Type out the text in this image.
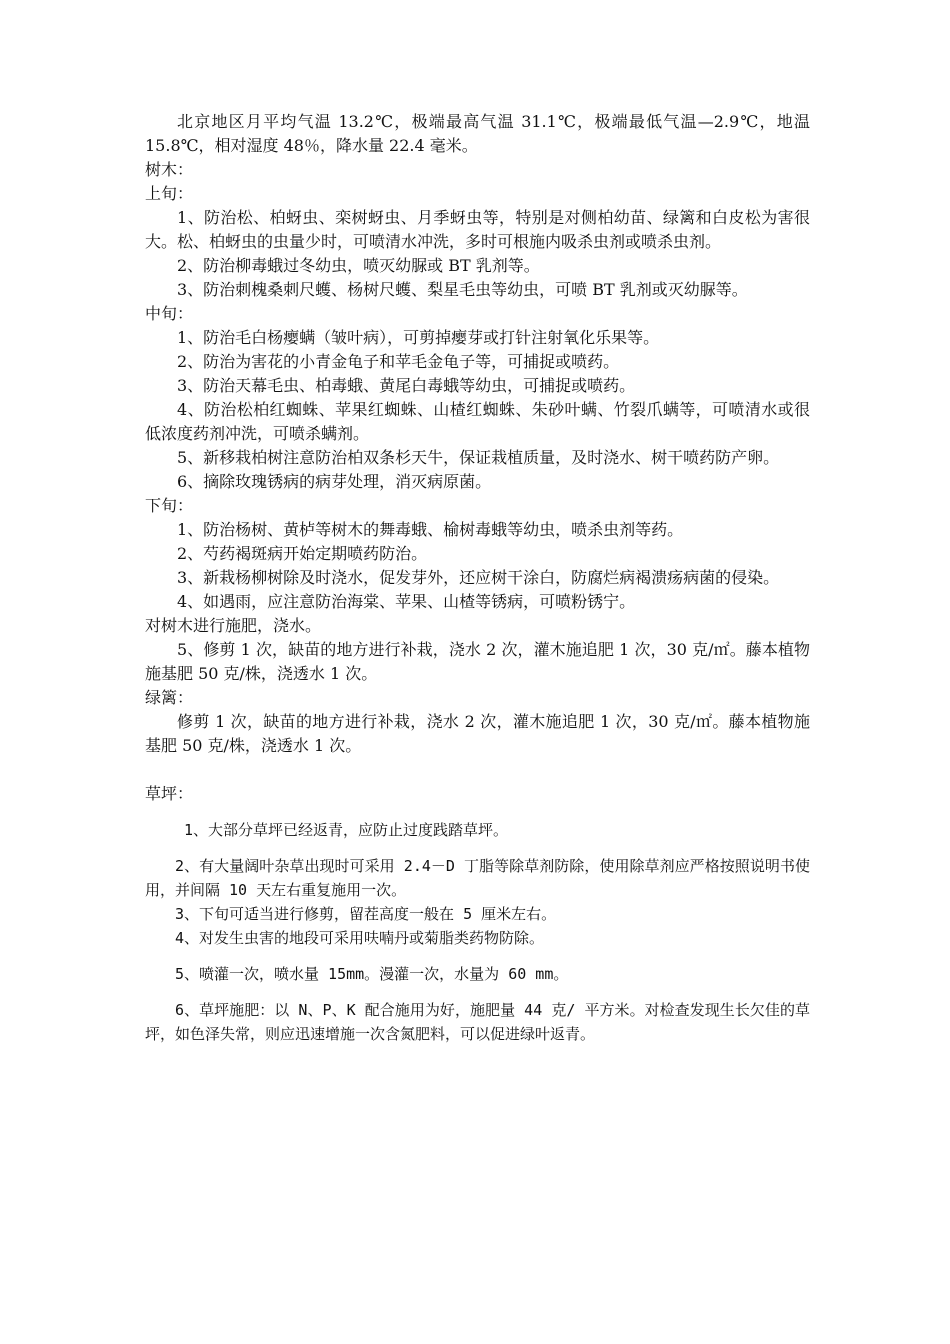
北京地区月平均气温 13.2℃，极端最高气温 31.1℃，极端最低气温—2.9℃，地温 15.8℃，相对湿度 48％，降水量 22.4 毫米。

树木：

上旬：

1、防治松、柏蚜虫、栾树蚜虫、月季蚜虫等，特别是对侧柏幼苗、绿篱和白皮松为害很大。松、柏蚜虫的虫量少时，可喷清水冲洗，多时可根施内吸杀虫剂或喷杀虫剂。

2、防治柳毒蛾过冬幼虫，喷灭幼脲或 BT 乳剂等。

3、防治刺槐桑刺尺蠖、杨树尺蠖、梨星毛虫等幼虫，可喷 BT 乳剂或灭幼脲等。

中旬：

1、防治毛白杨瘿螨（皱叶病），可剪掉瘿芽或打针注射氧化乐果等。

2、防治为害花的小青金龟子和苹毛金龟子等，可捕捉或喷药。

3、防治天幕毛虫、柏毒蛾、黄尾白毒蛾等幼虫，可捕捉或喷药。

4、防治松柏红蜘蛛、苹果红蜘蛛、山楂红蜘蛛、朱砂叶螨、竹裂爪螨等，可喷清水或很低浓度药剂冲洗，可喷杀螨剂。

5、新移栽柏树注意防治柏双条杉天牛，保证栽植质量，及时浇水、树干喷药防产卵。

6、摘除玫瑰锈病的病芽处理，消灭病原菌。

下旬：

1、防治杨树、黄栌等树木的舞毒蛾、榆树毒蛾等幼虫，喷杀虫剂等药。

2、芍药褐斑病开始定期喷药防治。

3、新栽杨柳树除及时浇水，促发芽外，还应树干涂白，防腐烂病褐溃疡病菌的侵染。

4、如遇雨，应注意防治海棠、苹果、山楂等锈病，可喷粉锈宁。

对树木进行施肥，浇水。

5、修剪 1 次，缺苗的地方进行补栽，浇水 2 次，灌木施追肥 1 次，30 克/㎡。藤本植物施基肥 50 克/株，浇透水 1 次。

绿篱：

修剪 1 次，缺苗的地方进行补栽，浇水 2 次，灌木施追肥 1 次，30 克/㎡。藤本植物施基肥 50 克/株，浇透水 1 次。

草坪：

1、大部分草坪已经返青，应防止过度践踏草坪。

2、有大量阔叶杂草出现时可采用 2.4－D 丁脂等除草剂防除，使用除草剂应严格按照说明书使用，并间隔 10 天左右重复施用一次。

3、下旬可适当进行修剪，留茬高度一般在 5 厘米左右。

4、对发生虫害的地段可采用呋喃丹或菊脂类药物防除。

5、喷灌一次，喷水量 15mm。漫灌一次，水量为 60 mm。

6、草坪施肥：以 N、P、K 配合施用为好，施肥量 44 克/ 平方米。对检查发现生长欠佳的草坪，如色泽失常，则应迅速增施一次含氮肥料，可以促进绿叶返青。
